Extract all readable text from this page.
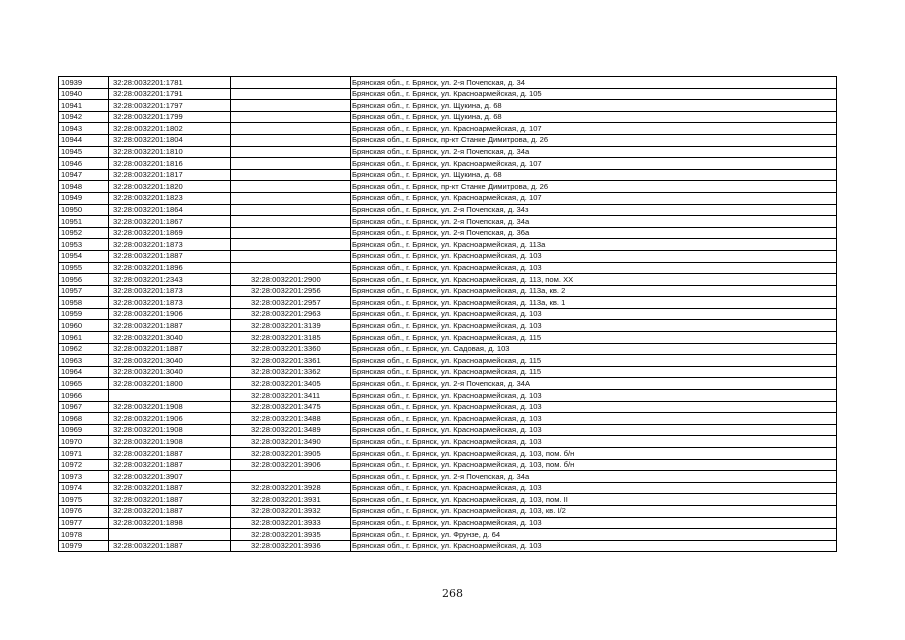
10939	32:28:0032201:1781		Брянская обл., г. Брянск, ул. 2-я Почепская, д. 34
10940	32:28:0032201:1791		Брянская обл., г. Брянск, ул. Красноармейская, д. 105
10941	32:28:0032201:1797		Брянская обл., г. Брянск, ул. Щукина, д. 68
10942	32:28:0032201:1799		Брянская обл., г. Брянск, ул. Щукина, д. 68
10943	32:28:0032201:1802		Брянская обл., г. Брянск, ул. Красноармейская, д. 107
10944	32:28:0032201:1804		Брянская обл., г. Брянск, пр-кт Станке Димитрова, д. 26
10945	32:28:0032201:1810		Брянская обл., г. Брянск, ул. 2-я Почепская, д. 34а
10946	32:28:0032201:1816		Брянская обл., г. Брянск, ул. Красноармейская, д. 107
10947	32:28:0032201:1817		Брянская обл., г. Брянск, ул. Щукина, д. 68
10948	32:28:0032201:1820		Брянская обл., г. Брянск, пр-кт Станке Димитрова, д. 26
10949	32:28:0032201:1823		Брянская обл., г. Брянск, ул. Красноармейская, д. 107
10950	32:28:0032201:1864		Брянская обл., г. Брянск, ул. 2-я Почепская, д. 34з
10951	32:28:0032201:1867		Брянская обл., г. Брянск, ул. 2-я Почепская, д. 34а
10952	32:28:0032201:1869		Брянская обл., г. Брянск, ул. 2-я Почепская, д. 36а
10953	32:28:0032201:1873		Брянская обл., г. Брянск, ул. Красноармейская, д. 113а
10954	32:28:0032201:1887		Брянская обл., г. Брянск, ул. Красноармейская, д. 103
10955	32:28:0032201:1896		Брянская обл., г. Брянск, ул. Красноармейская, д. 103
10956	32:28:0032201:2343	32:28:0032201:2900	Брянская обл., г. Брянск, ул. Красноармейская, д. 113, пом. XX
10957	32:28:0032201:1873	32:28:0032201:2956	Брянская обл., г. Брянск, ул. Красноармейская, д. 113а, кв. 2
10958	32:28:0032201:1873	32:28:0032201:2957	Брянская обл., г. Брянск, ул. Красноармейская, д. 113а, кв. 1
10959	32:28:0032201:1906	32:28:0032201:2963	Брянская обл., г. Брянск, ул. Красноармейская, д. 103
10960	32:28:0032201:1887	32:28:0032201:3139	Брянская обл., г. Брянск, ул. Красноармейская, д. 103
10961	32:28:0032201:3040	32:28:0032201:3185	Брянская обл., г. Брянск, ул. Красноармейская, д. 115
10962	32:28:0032201:1887	32:28:0032201:3360	Брянская обл., г. Брянск, ул. Садовая, д. 103
10963	32:28:0032201:3040	32:28:0032201:3361	Брянская обл., г. Брянск, ул. Красноармейская, д. 115
10964	32:28:0032201:3040	32:28:0032201:3362	Брянская обл., г. Брянск, ул. Красноармейская, д. 115
10965	32:28:0032201:1800	32:28:0032201:3405	Брянская обл., г. Брянск, ул. 2-я Почепская, д. 34А
10966		32:28:0032201:3411	Брянская обл., г. Брянск, ул. Красноармейская, д. 103
10967	32:28:0032201:1908	32:28:0032201:3475	Брянская обл., г. Брянск, ул. Красноармейская, д. 103
10968	32:28:0032201:1906	32:28:0032201:3488	Брянская обл., г. Брянск, ул. Красноармейская, д. 103
10969	32:28:0032201:1908	32:28:0032201:3489	Брянская обл., г. Брянск, ул. Красноармейская, д. 103
10970	32:28:0032201:1908	32:28:0032201:3490	Брянская обл., г. Брянск, ул. Красноармейская, д. 103
10971	32:28:0032201:1887	32:28:0032201:3905	Брянская обл., г. Брянск, ул. Красноармейская, д. 103, пом. б/н
10972	32:28:0032201:1887	32:28:0032201:3906	Брянская обл., г. Брянск, ул. Красноармейская, д. 103, пом. б/н
10973	32:28:0032201:3907		Брянская обл., г. Брянск, ул. 2-я Почепская, д. 34а
10974	32:28:0032201:1887	32:28:0032201:3928	Брянская обл., г. Брянск, ул. Красноармейская, д. 103
10975	32:28:0032201:1887	32:28:0032201:3931	Брянская обл., г. Брянск, ул. Красноармейская, д. 103, пом. II
10976	32:28:0032201:1887	32:28:0032201:3932	Брянская обл., г. Брянск, ул. Красноармейская, д. 103, кв. I/2
10977	32:28:0032201:1898	32:28:0032201:3933	Брянская обл., г. Брянск, ул. Красноармейская, д. 103
10978		32:28:0032201:3935	Брянская обл., г. Брянск, ул. Фрунзе, д. 64
10979	32:28:0032201:1887	32:28:0032201:3936	Брянская обл., г. Брянск, ул. Красноармейская, д. 103
268
